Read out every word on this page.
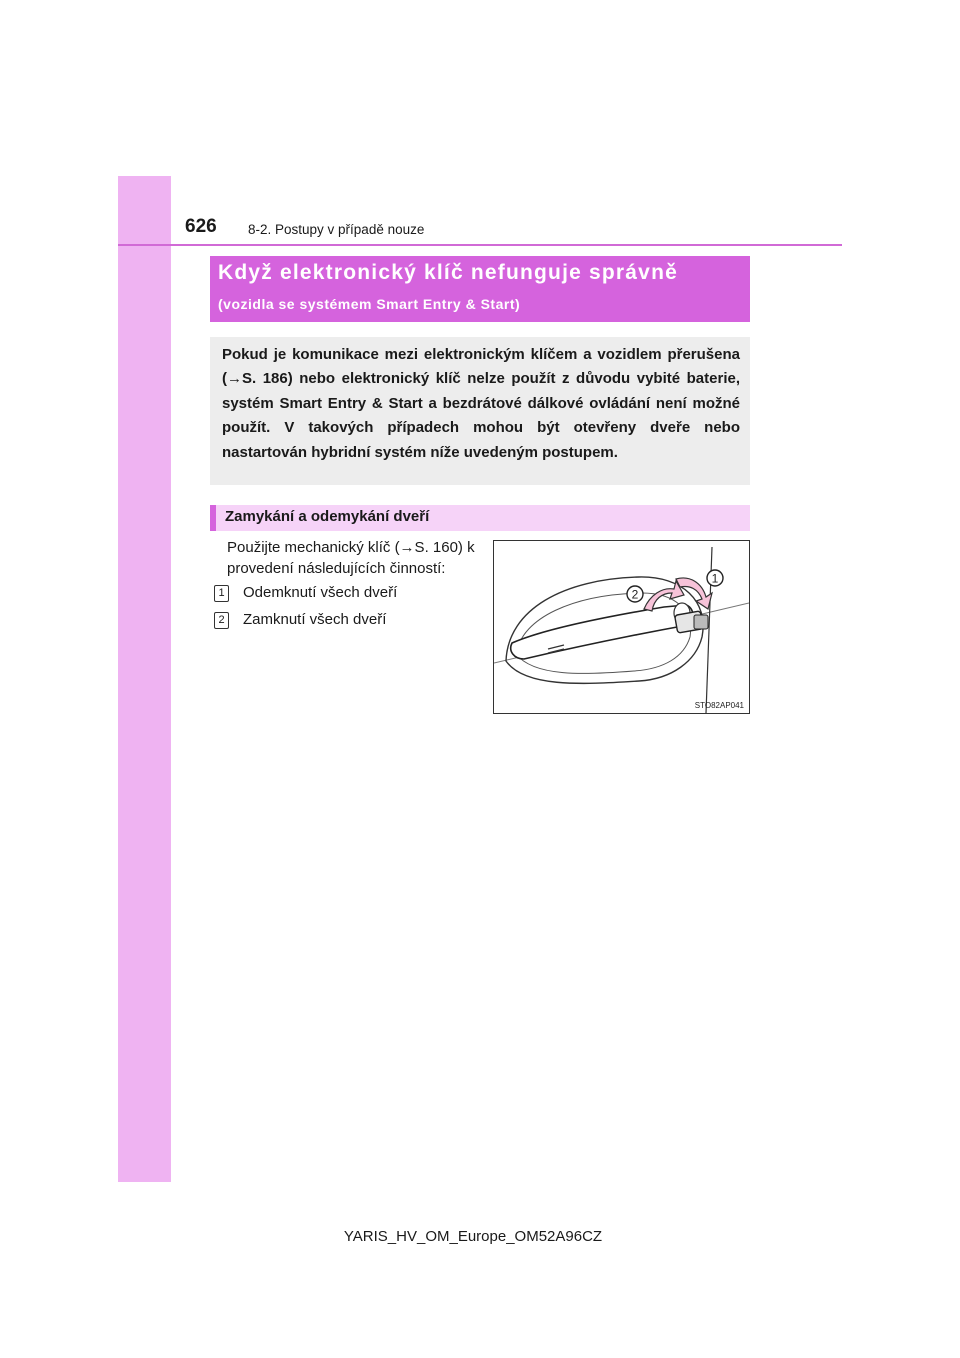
626 8-2. Postupy v případě nouze
Když elektronický klíč nefunguje správně
(vozidla se systémem Smart Entry & Start)

Pokud je komunikace mezi elektronickým klíčem a vozidlem přerušena (→S. 186) nebo elektronický klíč nelze použít z důvodu vybité baterie, systém Smart Entry & Start a bezdrátové dálkové ovládání není možné použít. V takových případech mohou být otevřeny dveře nebo nastartován hybridní systém níže uvedeným postupem.

Zamykání a odemykání dveří

Použijte mechanický klíč (→S. 160) k provedení následujících činností:

1 Odemknutí všech dveří
2 Zamknutí všech dveří
1
2
STO82AP041
YARIS_HV_OM_Europe_OM52A96CZ
